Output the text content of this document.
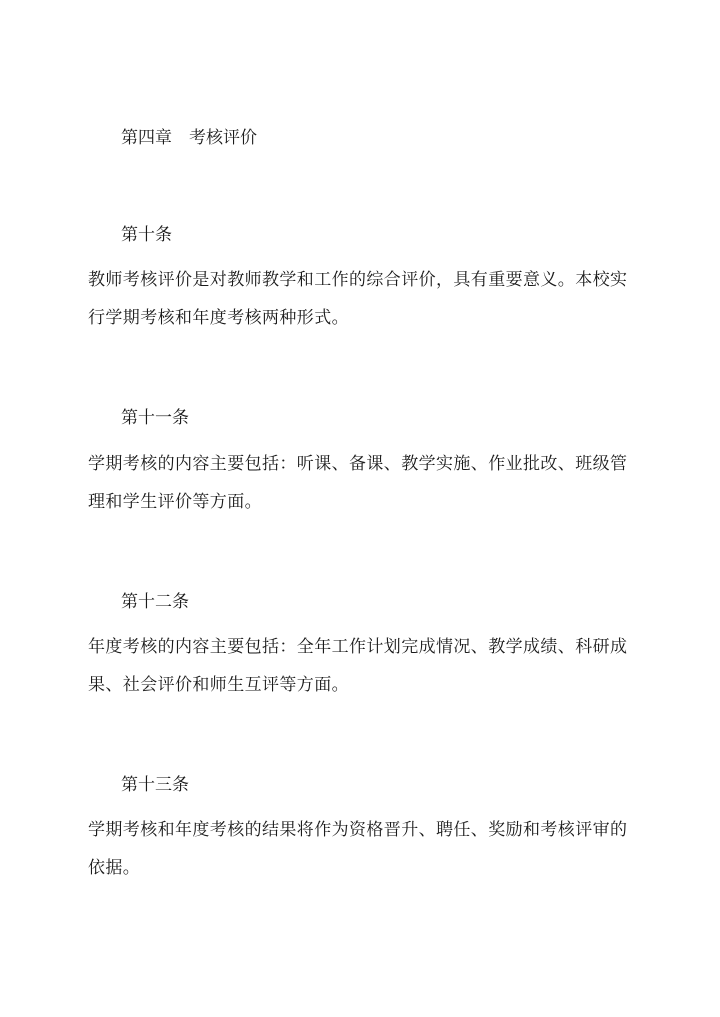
第四章　考核评价
第十条

教师考核评价是对教师教学和工作的综合评价，具有重要意义。本校实行学期考核和年度考核两种形式。

第十一条

学期考核的内容主要包括：听课、备课、教学实施、作业批改、班级管理和学生评价等方面。

第十二条

年度考核的内容主要包括：全年工作计划完成情况、教学成绩、科研成果、社会评价和师生互评等方面。

第十三条

学期考核和年度考核的结果将作为资格晋升、聘任、奖励和考核评审的依据。
